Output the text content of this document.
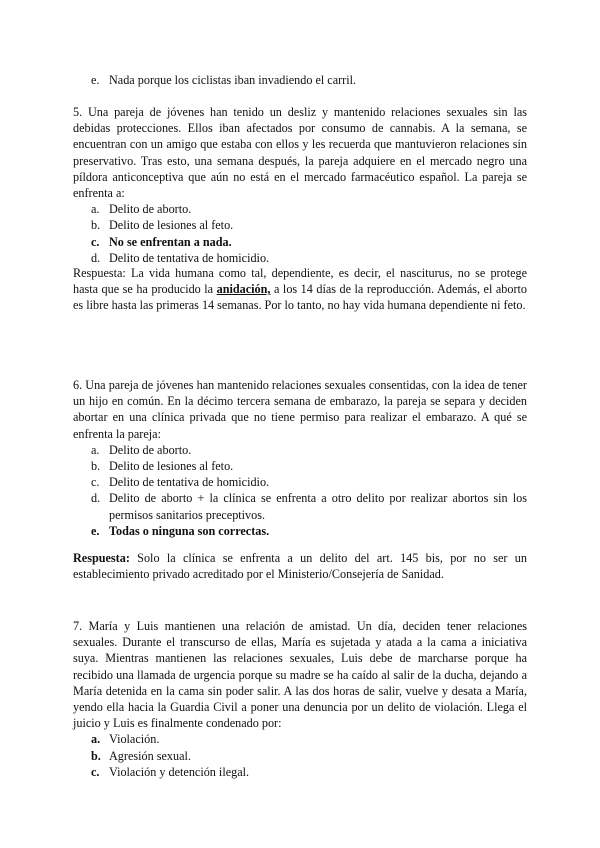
e. Nada porque los ciclistas iban invadiendo el carril.

5. Una pareja de jóvenes han tenido un desliz y mantenido relaciones sexuales sin las debidas protecciones. Ellos iban afectados por consumo de cannabis. A la semana, se encuentran con un amigo que estaba con ellos y les recuerda que mantuvieron relaciones sin preservativo. Tras esto, una semana después, la pareja adquiere en el mercado negro una píldora anticonceptiva que aún no está en el mercado farmacéutico español. La pareja se enfrenta a:

a. Delito de aborto.
b. Delito de lesiones al feto.
c. No se enfrentan a nada.
d. Delito de tentativa de homicidio.

Respuesta: La vida humana como tal, dependiente, es decir, el nasciturus, no se protege hasta que se ha producido la anidación, a los 14 días de la reproducción. Además, el aborto es libre hasta las primeras 14 semanas. Por lo tanto, no hay vida humana dependiente ni feto.

6. Una pareja de jóvenes han mantenido relaciones sexuales consentidas, con la idea de tener un hijo en común. En la décimo tercera semana de embarazo, la pareja se separa y deciden abortar en una clínica privada que no tiene permiso para realizar el embarazo. A qué se enfrenta la pareja:

a. Delito de aborto.
b. Delito de lesiones al feto.
c. Delito de tentativa de homicidio.
d. Delito de aborto + la clínica se enfrenta a otro delito por realizar abortos sin los permisos sanitarios preceptivos.
e. Todas o ninguna son correctas.

Respuesta: Solo la clínica se enfrenta a un delito del art. 145 bis, por no ser un establecimiento privado acreditado por el Ministerio/Consejería de Sanidad.

7. María y Luis mantienen una relación de amistad. Un día, deciden tener relaciones sexuales. Durante el transcurso de ellas, María es sujetada y atada a la cama a iniciativa suya. Mientras mantienen las relaciones sexuales, Luis debe de marcharse porque ha recibido una llamada de urgencia porque su madre se ha caído al salir de la ducha, dejando a María detenida en la cama sin poder salir. A las dos horas de salir, vuelve y desata a María, yendo ella hacia la Guardia Civil a poner una denuncia por un delito de violación. Llega el juicio y Luis es finalmente condenado por:

a. Violación.
b. Agresión sexual.
c. Violación y detención ilegal.
